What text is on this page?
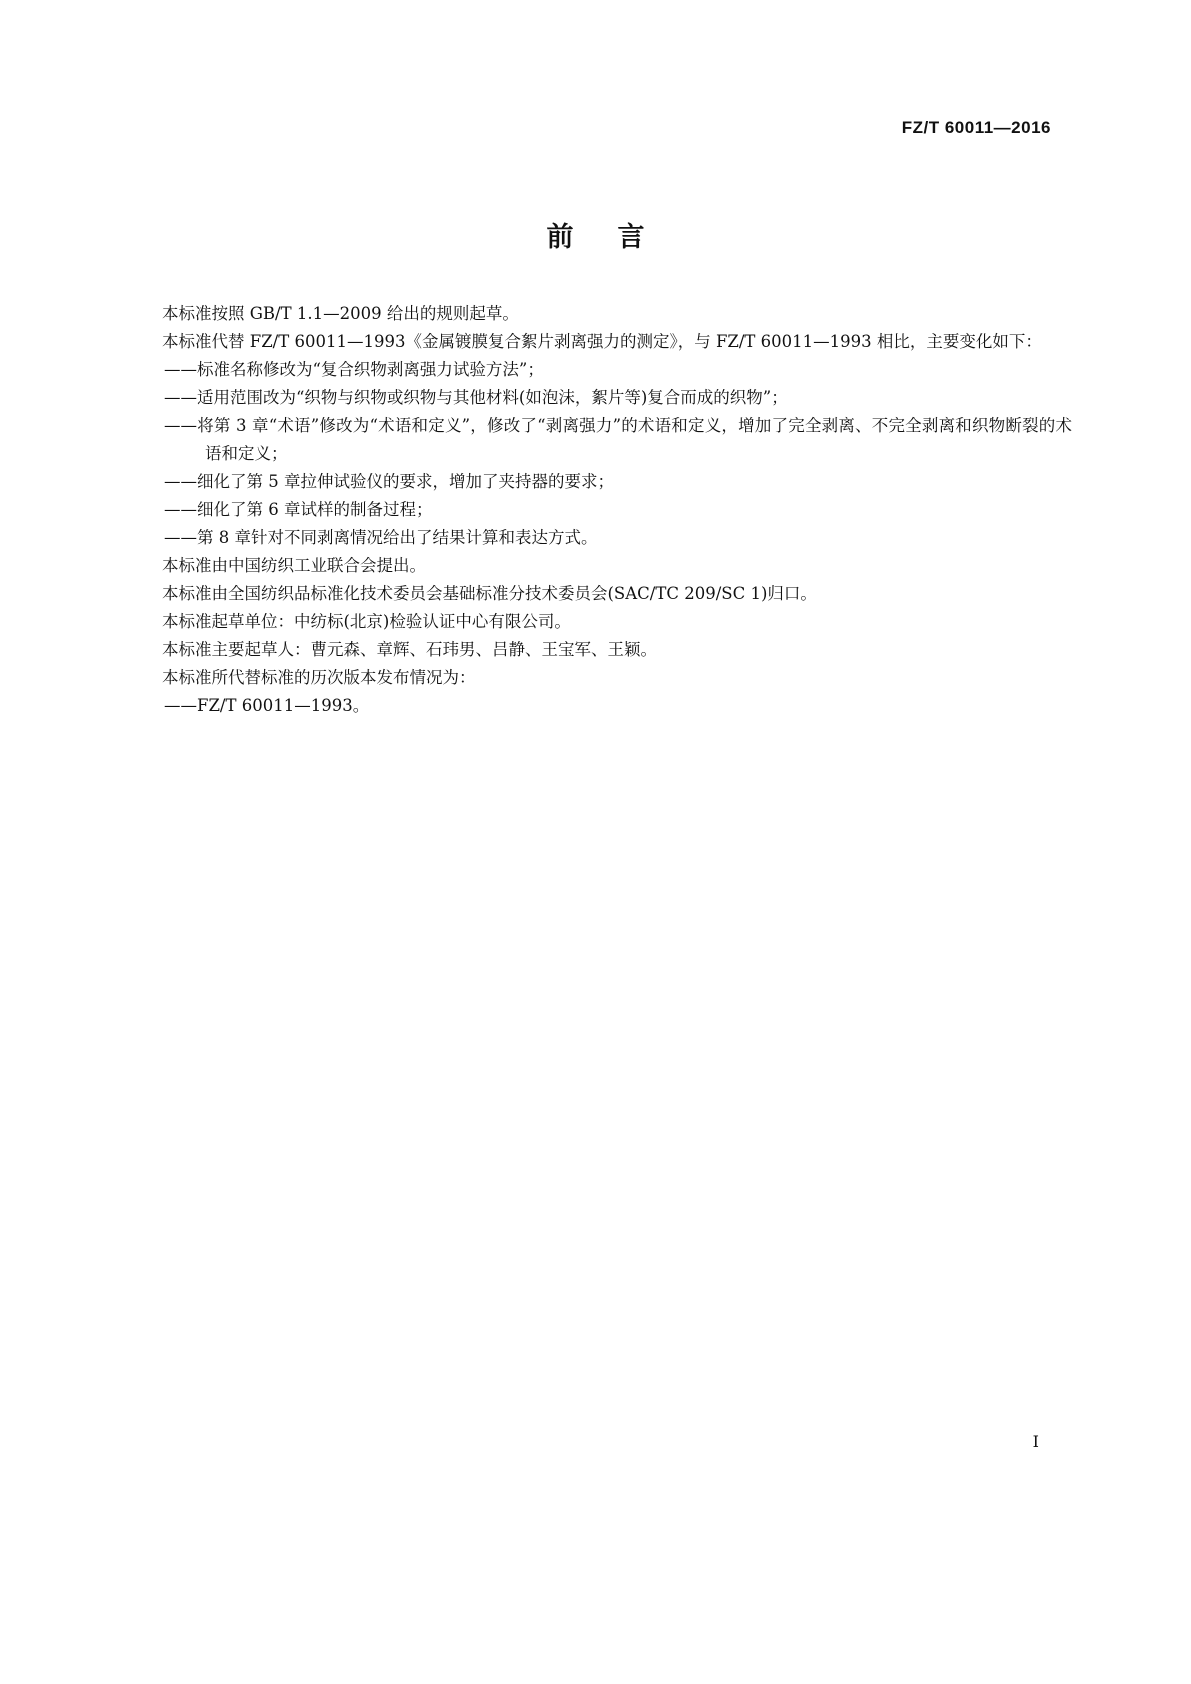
FZ/T 60011—2016
前言

本标准按照 GB/T 1.1—2009 给出的规则起草。

本标准代替 FZ/T 60011—1993《金属镀膜复合絮片剥离强力的测定》，与 FZ/T 60011—1993 相比，主要变化如下：

——标准名称修改为“复合织物剥离强力试验方法”；

——适用范围改为“织物与织物或织物与其他材料(如泡沫，絮片等)复合而成的织物”；

——将第 3 章“术语”修改为“术语和定义”，修改了“剥离强力”的术语和定义，增加了完全剥离、不完全剥离和织物断裂的术语和定义；

——细化了第 5 章拉伸试验仪的要求，增加了夹持器的要求；

——细化了第 6 章试样的制备过程；

——第 8 章针对不同剥离情况给出了结果计算和表达方式。

本标准由中国纺织工业联合会提出。

本标准由全国纺织品标准化技术委员会基础标准分技术委员会(SAC/TC 209/SC 1)归口。

本标准起草单位：中纺标(北京)检验认证中心有限公司。

本标准主要起草人：曹元森、章辉、石玮男、吕静、王宝军、王颖。

本标准所代替标准的历次版本发布情况为：

——FZ/T 60011—1993。

I
